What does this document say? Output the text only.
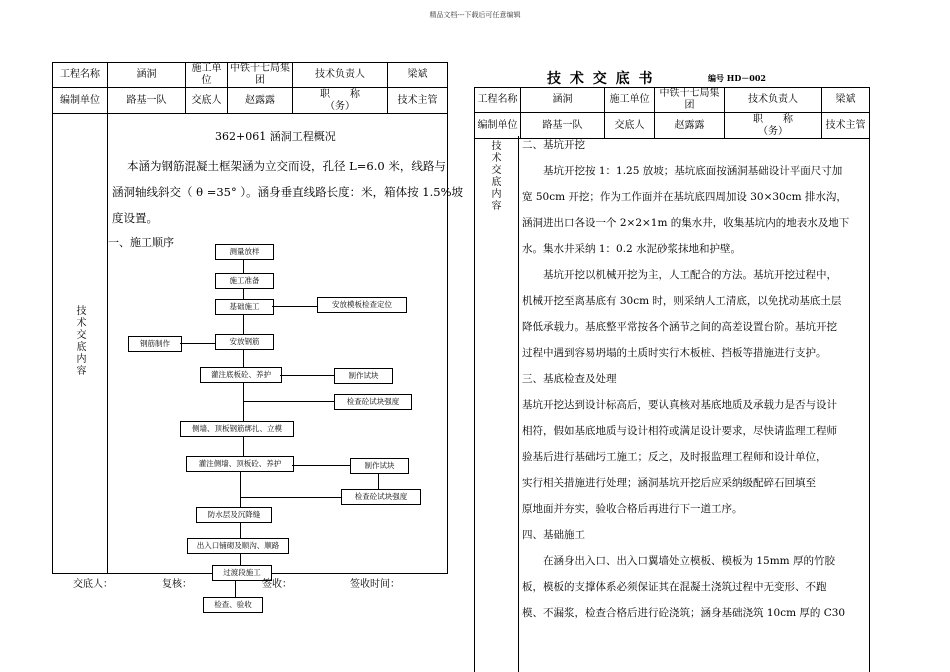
精品文档---下载后可任意编辑
工程名称	涵洞	施工单位	中铁十七局集团	技术负责人	梁斌
编制单位	路基一队	交底人	赵露露	职　　称
（务）	技术主管
技术交底内容
362+061 涵洞工程概况
本涵为钢筋混凝土框架涵为立交而设，孔径 L=6.0 米，线路与
涵洞轴线斜交（ θ =35° ）。涵身垂直线路长度：米，箱体按 1.5%坡
度设置。
一、施工顺序
测量放样
施工准备
基础施工	安放模板检查定位
安放钢筋
钢筋制作
灌注底板砼、养护	制作试块
检查砼试块强度
侧墙、顶板钢筋绑扎、立模
灌注侧墙、顶板砼、养护	制作试块
检查砼试块强度
防水层及沉降缝
出入口铺砌及顺沟、顺路
过渡段施工
检查、验收
交底人：	复核：	签收：	签收时间：
技 术 交 底 书	编号 HD－002
工程名称	涵洞	施工单位	中铁十七局集团	技术负责人	梁斌
编制单位	路基一队	交底人	赵露露	职　　称
（务）	技术主管
技术交底内容 二、基坑开挖
　　基坑开挖按 1：1.25 放坡；基坑底面按涵洞基础设计平面尺寸加
宽 50cm 开挖；作为工作面并在基坑底四周加设 30×30cm 排水沟，
涵洞进出口各设一个 2×2×1m 的集水井，收集基坑内的地表水及地下
水。集水井采纳 1：0.2 水泥砂浆抹地和护壁。
　　基坑开挖以机械开挖为主，人工配合的方法。基坑开挖过程中，
机械开挖至离基底有 30cm 时，则采纳人工清底，以免扰动基底土层
降低承载力。基底整平常按各个涵节之间的高差设置台阶。基坑开挖
过程中遇到容易坍塌的土质时实行木板桩、挡板等措施进行支护。
三、基底检查及处理
基坑开挖达到设计标高后，要认真核对基底地质及承载力是否与设计
相符，假如基底地质与设计相符或满足设计要求，尽快请监理工程师
验基后进行基础圬工施工；反之，及时报监理工程师和设计单位，
实行相关措施进行处理；涵洞基坑开挖后应采纳级配碎石回填至
原地面并夯实，验收合格后再进行下一道工序。
四、基础施工
　　在涵身出入口、出入口翼墙处立模板、模板为 15mm 厚的竹胶
板，模板的支撑体系必须保证其在混凝土浇筑过程中无变形、不跑
模、不漏浆，检查合格后进行砼浇筑；涵身基础浇筑 10cm 厚的 C30
